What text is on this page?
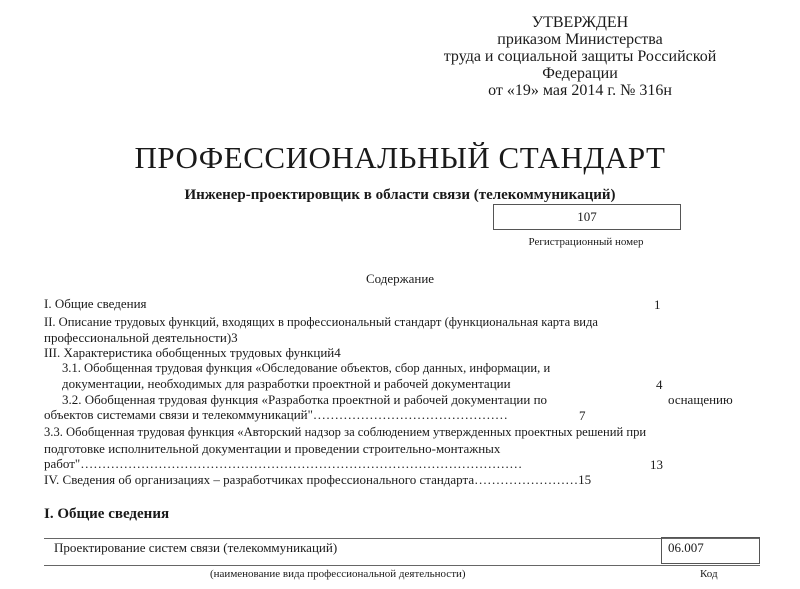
УТВЕРЖДЕН
приказом Министерства
труда и социальной защиты Российской
Федерации
от «19» мая 2014 г. № 316н
ПРОФЕССИОНАЛЬНЫЙ СТАНДАРТ
Инженер-проектировщик в области связи (телекоммуникаций)
107
Регистрационный номер
Содержание
I. Общие сведения	1
II. Описание трудовых функций, входящих в профессиональный стандарт (функциональная карта вида
профессиональной деятельности)3
III. Характеристика обобщенных трудовых функций4
3.1. Обобщенная трудовая функция «Обследование объектов, сбор данных, информации, и
документации, необходимых для разработки проектной и рабочей документации	4
3.2. Обобщенная трудовая функция «Разработка проектной и рабочей документации по	оснащению
объектов системами связи и телекоммуникаций"………………………………………	7
3.3. Обобщенная трудовая функция «Авторский надзор за соблюдением утвержденных проектных решений при
подготовке исполнительной документации и проведении строительно-монтажных
работ"…………………………………………………………………………………………	13
IV. Сведения об организациях – разработчиках профессионального стандарта……………………15
I. Общие сведения
Проектирование систем связи (телекоммуникаций)	06.007
(наименование вида профессиональной деятельности)	Код
